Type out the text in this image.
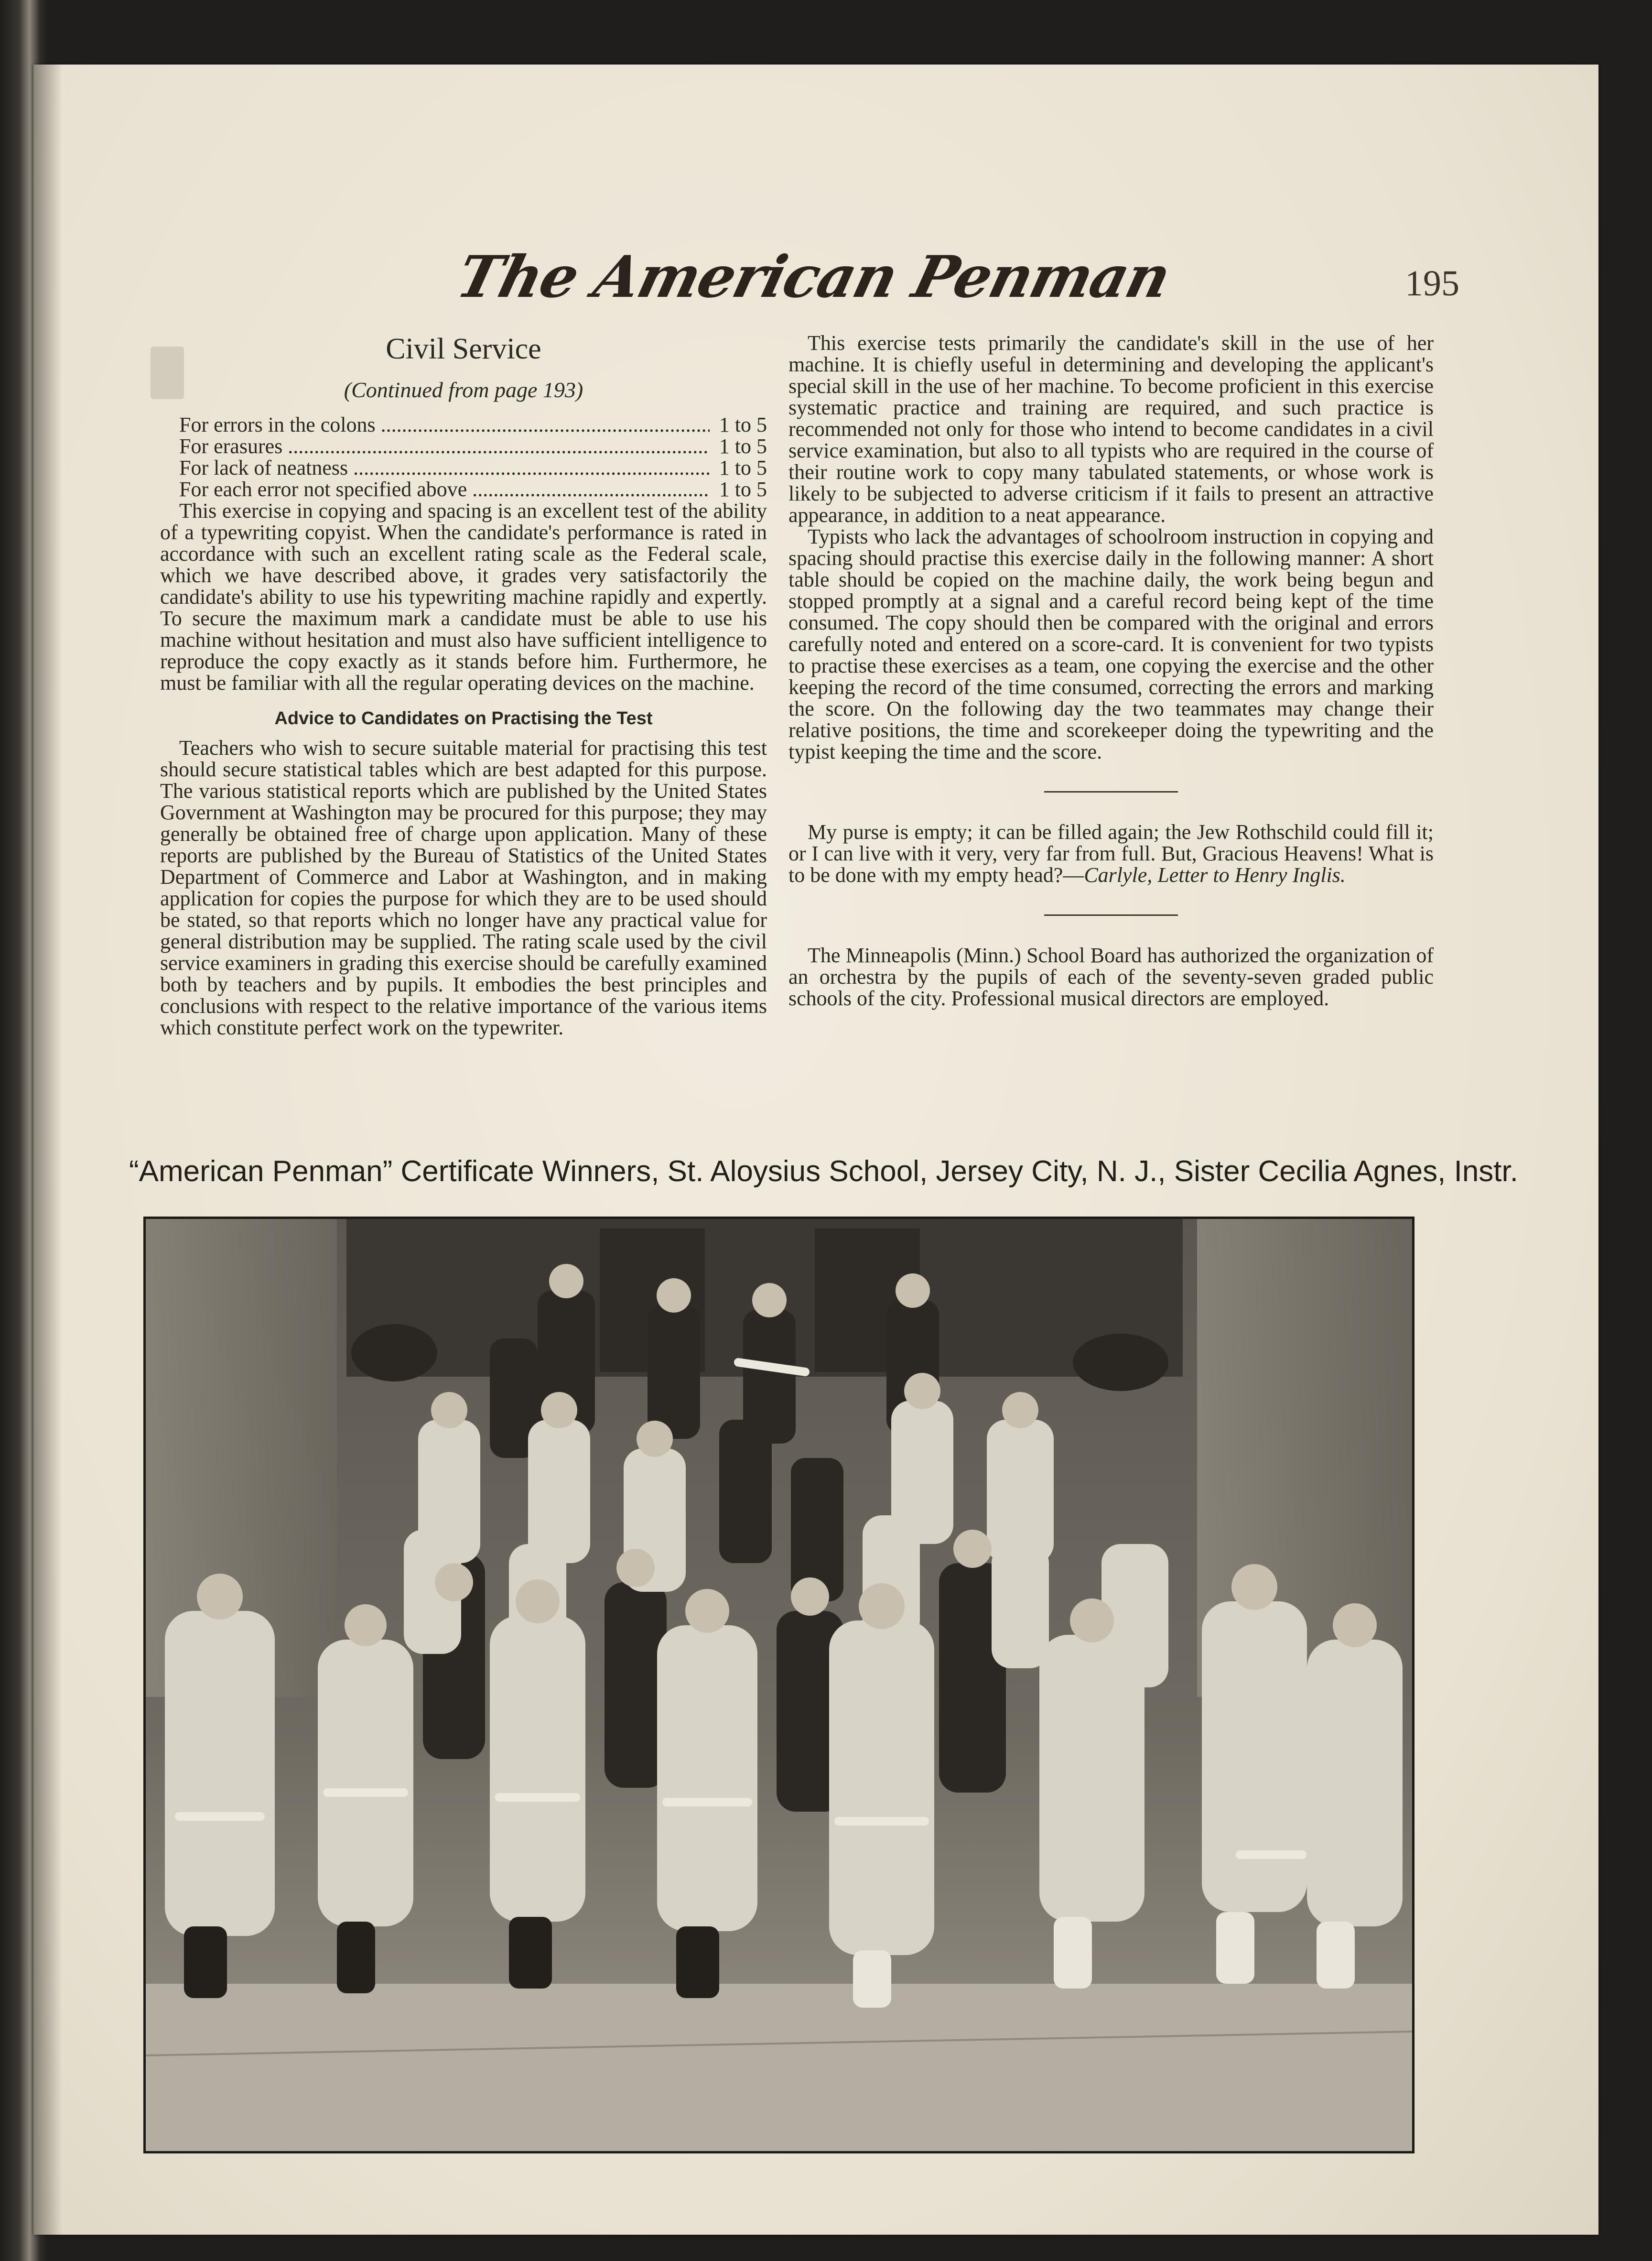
The American Penman	195
Civil Service
(Continued from page 193)
For errors in the colons .....	1 to 5
For erasures .....	1 to 5
For lack of neatness .....	1 to 5
For each error not specified above .....	1 to 5

This exercise in copying and spacing is an excellent test of the ability of a typewriting copyist. When the candidate's performance is rated in accordance with such an excellent rating scale as the Federal scale, which we have described above, it grades very satisfactorily the candidate's ability to use his typewriting machine rapidly and expertly. To secure the maximum mark a candidate must be able to use his machine without hesitation and must also have sufficient intelligence to reproduce the copy exactly as it stands before him. Furthermore, he must be familiar with all the regular operating devices on the machine.

Advice to Candidates on Practising the Test

Teachers who wish to secure suitable material for practising this test should secure statistical tables which are best adapted for this purpose. The various statistical reports which are published by the United States Government at Washington may be procured for this purpose; they may generally be obtained free of charge upon application. Many of these reports are published by the Bureau of Statistics of the United States Department of Commerce and Labor at Washington, and in making application for copies the purpose for which they are to be used should be stated, so that reports which no longer have any practical value for general distribution may be supplied. The rating scale used by the civil service examiners in grading this exercise should be carefully examined both by teachers and by pupils. It embodies the best principles and conclusions with respect to the relative importance of the various items which constitute perfect work on the typewriter.

This exercise tests primarily the candidate's skill in the use of her machine. It is chiefly useful in determining and developing the applicant's special skill in the use of her machine. To become proficient in this exercise systematic practice and training are required, and such practice is recommended not only for those who intend to become candidates in a civil service examination, but also to all typists who are required in the course of their routine work to copy many tabulated statements, or whose work is likely to be subjected to adverse criticism if it fails to present an attractive appearance, in addition to a neat appearance.

Typists who lack the advantages of schoolroom instruction in copying and spacing should practise this exercise daily in the following manner: A short table should be copied on the machine daily, the work being begun and stopped promptly at a signal and a careful record being kept of the time consumed. The copy should then be compared with the original and errors carefully noted and entered on a score-card. It is convenient for two typists to practise these exercises as a team, one copying the exercise and the other keeping the record of the time consumed, correcting the errors and marking the score. On the following day the two teammates may change their relative positions, the time and scorekeeper doing the typewriting and the typist keeping the time and the score.

My purse is empty; it can be filled again; the Jew Rothschild could fill it; or I can live with it very, very far from full. But, Gracious Heavens! What is to be done with my empty head?—Carlyle, Letter to Henry Inglis.

The Minneapolis (Minn.) School Board has authorized the organization of an orchestra by the pupils of each of the seventy-seven graded public schools of the city. Professional musical directors are employed.

“American Penman” Certificate Winners, St. Aloysius School, Jersey City, N. J., Sister Cecilia Agnes, Instr.
